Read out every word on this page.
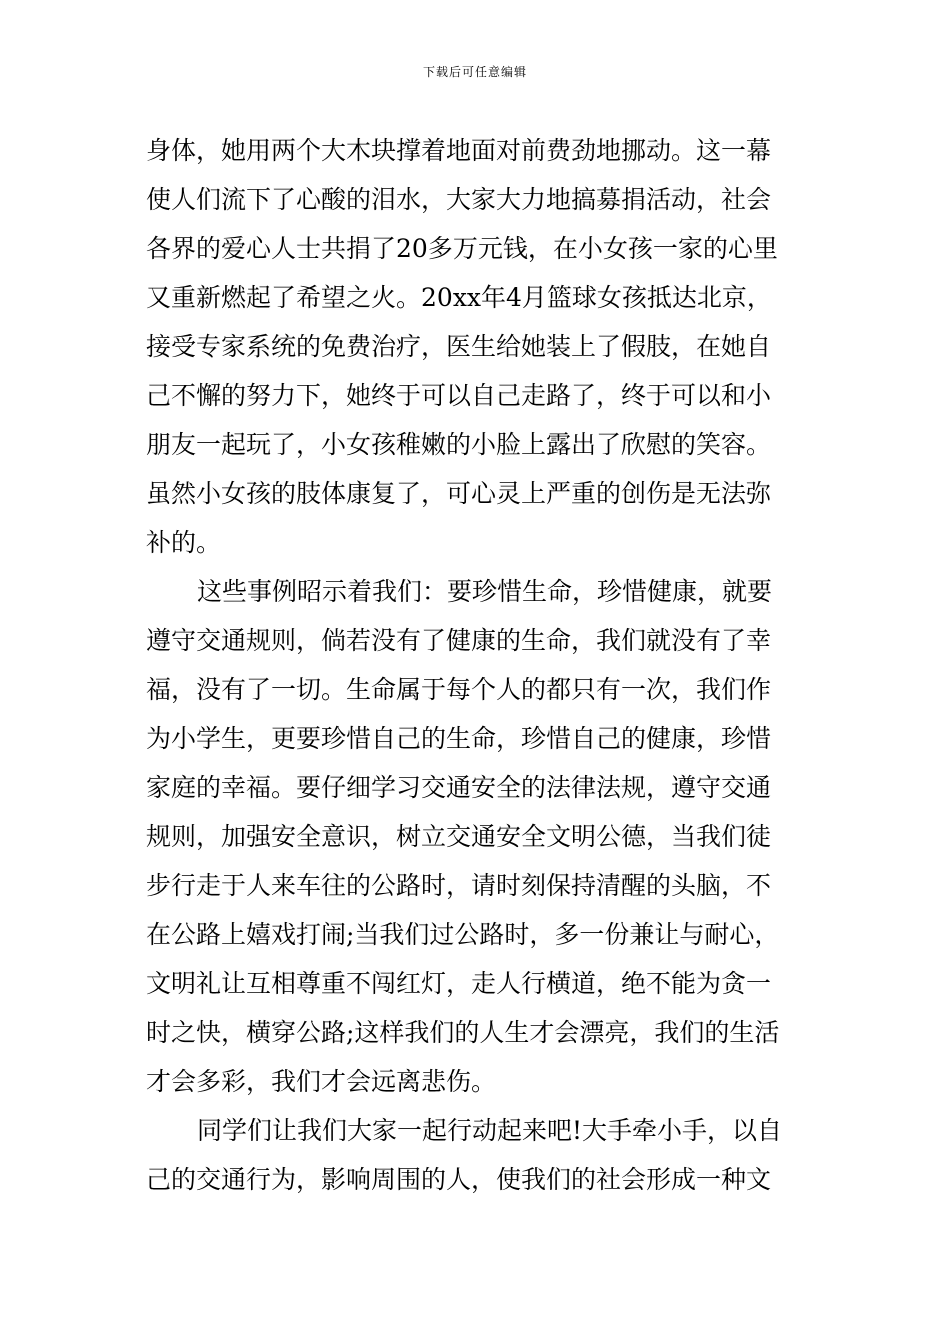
下载后可任意编辑
身体，她用两个大木块撑着地面对前费劲地挪动。这一幕
使人们流下了心酸的泪水，大家大力地搞募捐活动，社会
各界的爱心人士共捐了20多万元钱，在小女孩一家的心里
又重新燃起了希望之火。20xx年4月篮球女孩抵达北京，
接受专家系统的免费治疗，医生给她装上了假肢，在她自
己不懈的努力下，她终于可以自己走路了，终于可以和小
朋友一起玩了，小女孩稚嫩的小脸上露出了欣慰的笑容。
虽然小女孩的肢体康复了，可心灵上严重的创伤是无法弥
补的。
这些事例昭示着我们：要珍惜生命，珍惜健康，就要
遵守交通规则，倘若没有了健康的生命，我们就没有了幸
福，没有了一切。生命属于每个人的都只有一次，我们作
为小学生，更要珍惜自己的生命，珍惜自己的健康，珍惜
家庭的幸福。要仔细学习交通安全的法律法规，遵守交通
规则，加强安全意识，树立交通安全文明公德，当我们徒
步行走于人来车往的公路时，请时刻保持清醒的头脑，不
在公路上嬉戏打闹;当我们过公路时，多一份兼让与耐心，
文明礼让互相尊重不闯红灯，走人行横道，绝不能为贪一
时之快，横穿公路;这样我们的人生才会漂亮，我们的生活
才会多彩，我们才会远离悲伤。
同学们让我们大家一起行动起来吧!大手牵小手，以自
己的交通行为，影响周围的人，使我们的社会形成一种文
